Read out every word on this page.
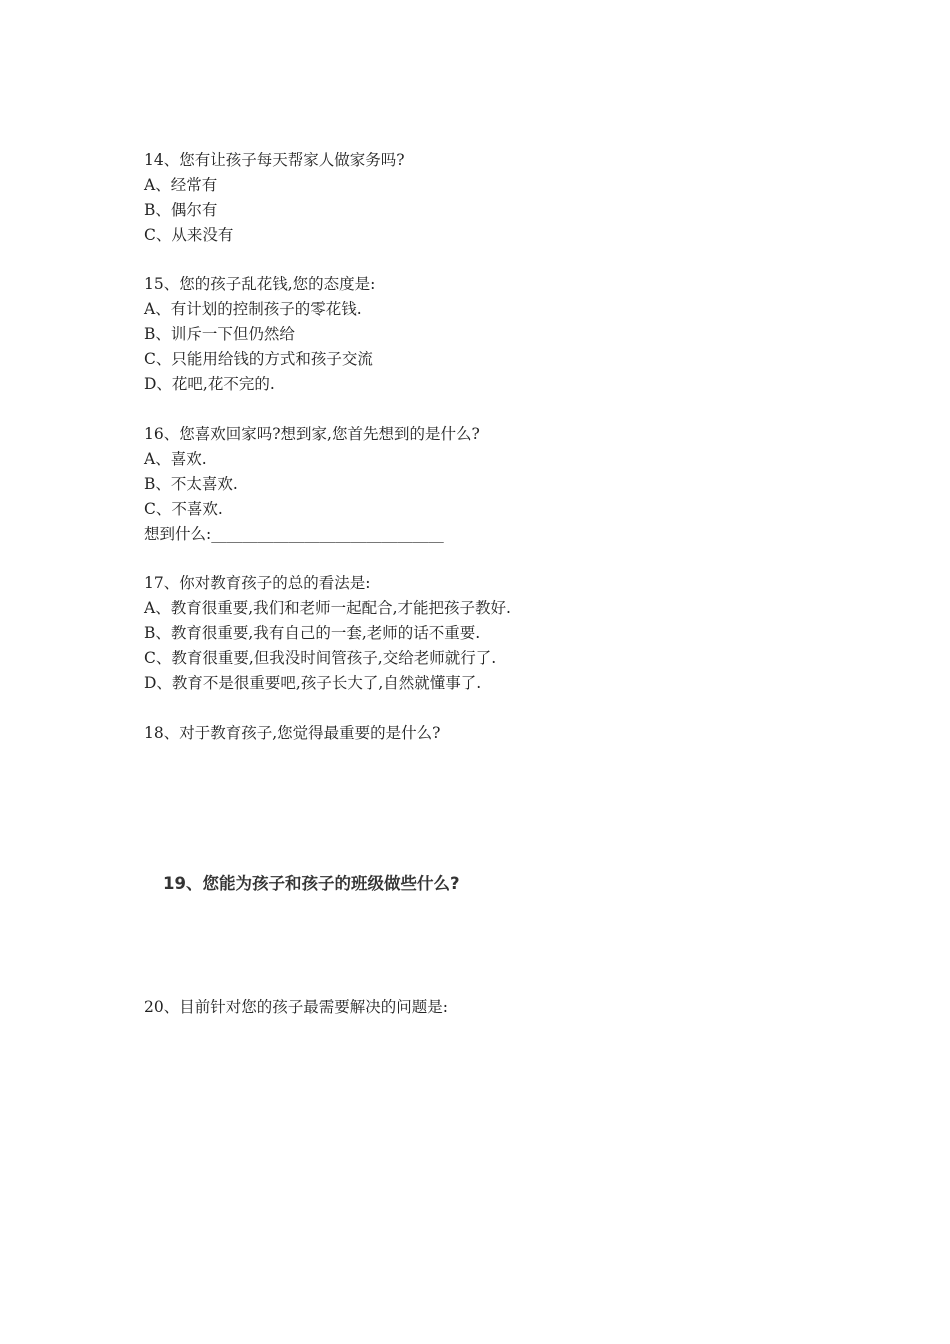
14、您有让孩子每天帮家人做家务吗?
A、经常有
B、偶尔有
C、从来没有
15、您的孩子乱花钱,您的态度是:
A、有计划的控制孩子的零花钱.
B、训斥一下但仍然给
C、只能用给钱的方式和孩子交流
D、花吧,花不完的.
16、您喜欢回家吗?想到家,您首先想到的是什么?
A、喜欢.
B、不太喜欢.
C、不喜欢.
想到什么:______________________________
17、你对教育孩子的总的看法是:
A、教育很重要,我们和老师一起配合,才能把孩子教好.
B、教育很重要,我有自己的一套,老师的话不重要.
C、教育很重要,但我没时间管孩子,交给老师就行了.
D、教育不是很重要吧,孩子长大了,自然就懂事了.
18、对于教育孩子,您觉得最重要的是什么?
19、您能为孩子和孩子的班级做些什么?
20、目前针对您的孩子最需要解决的问题是:
